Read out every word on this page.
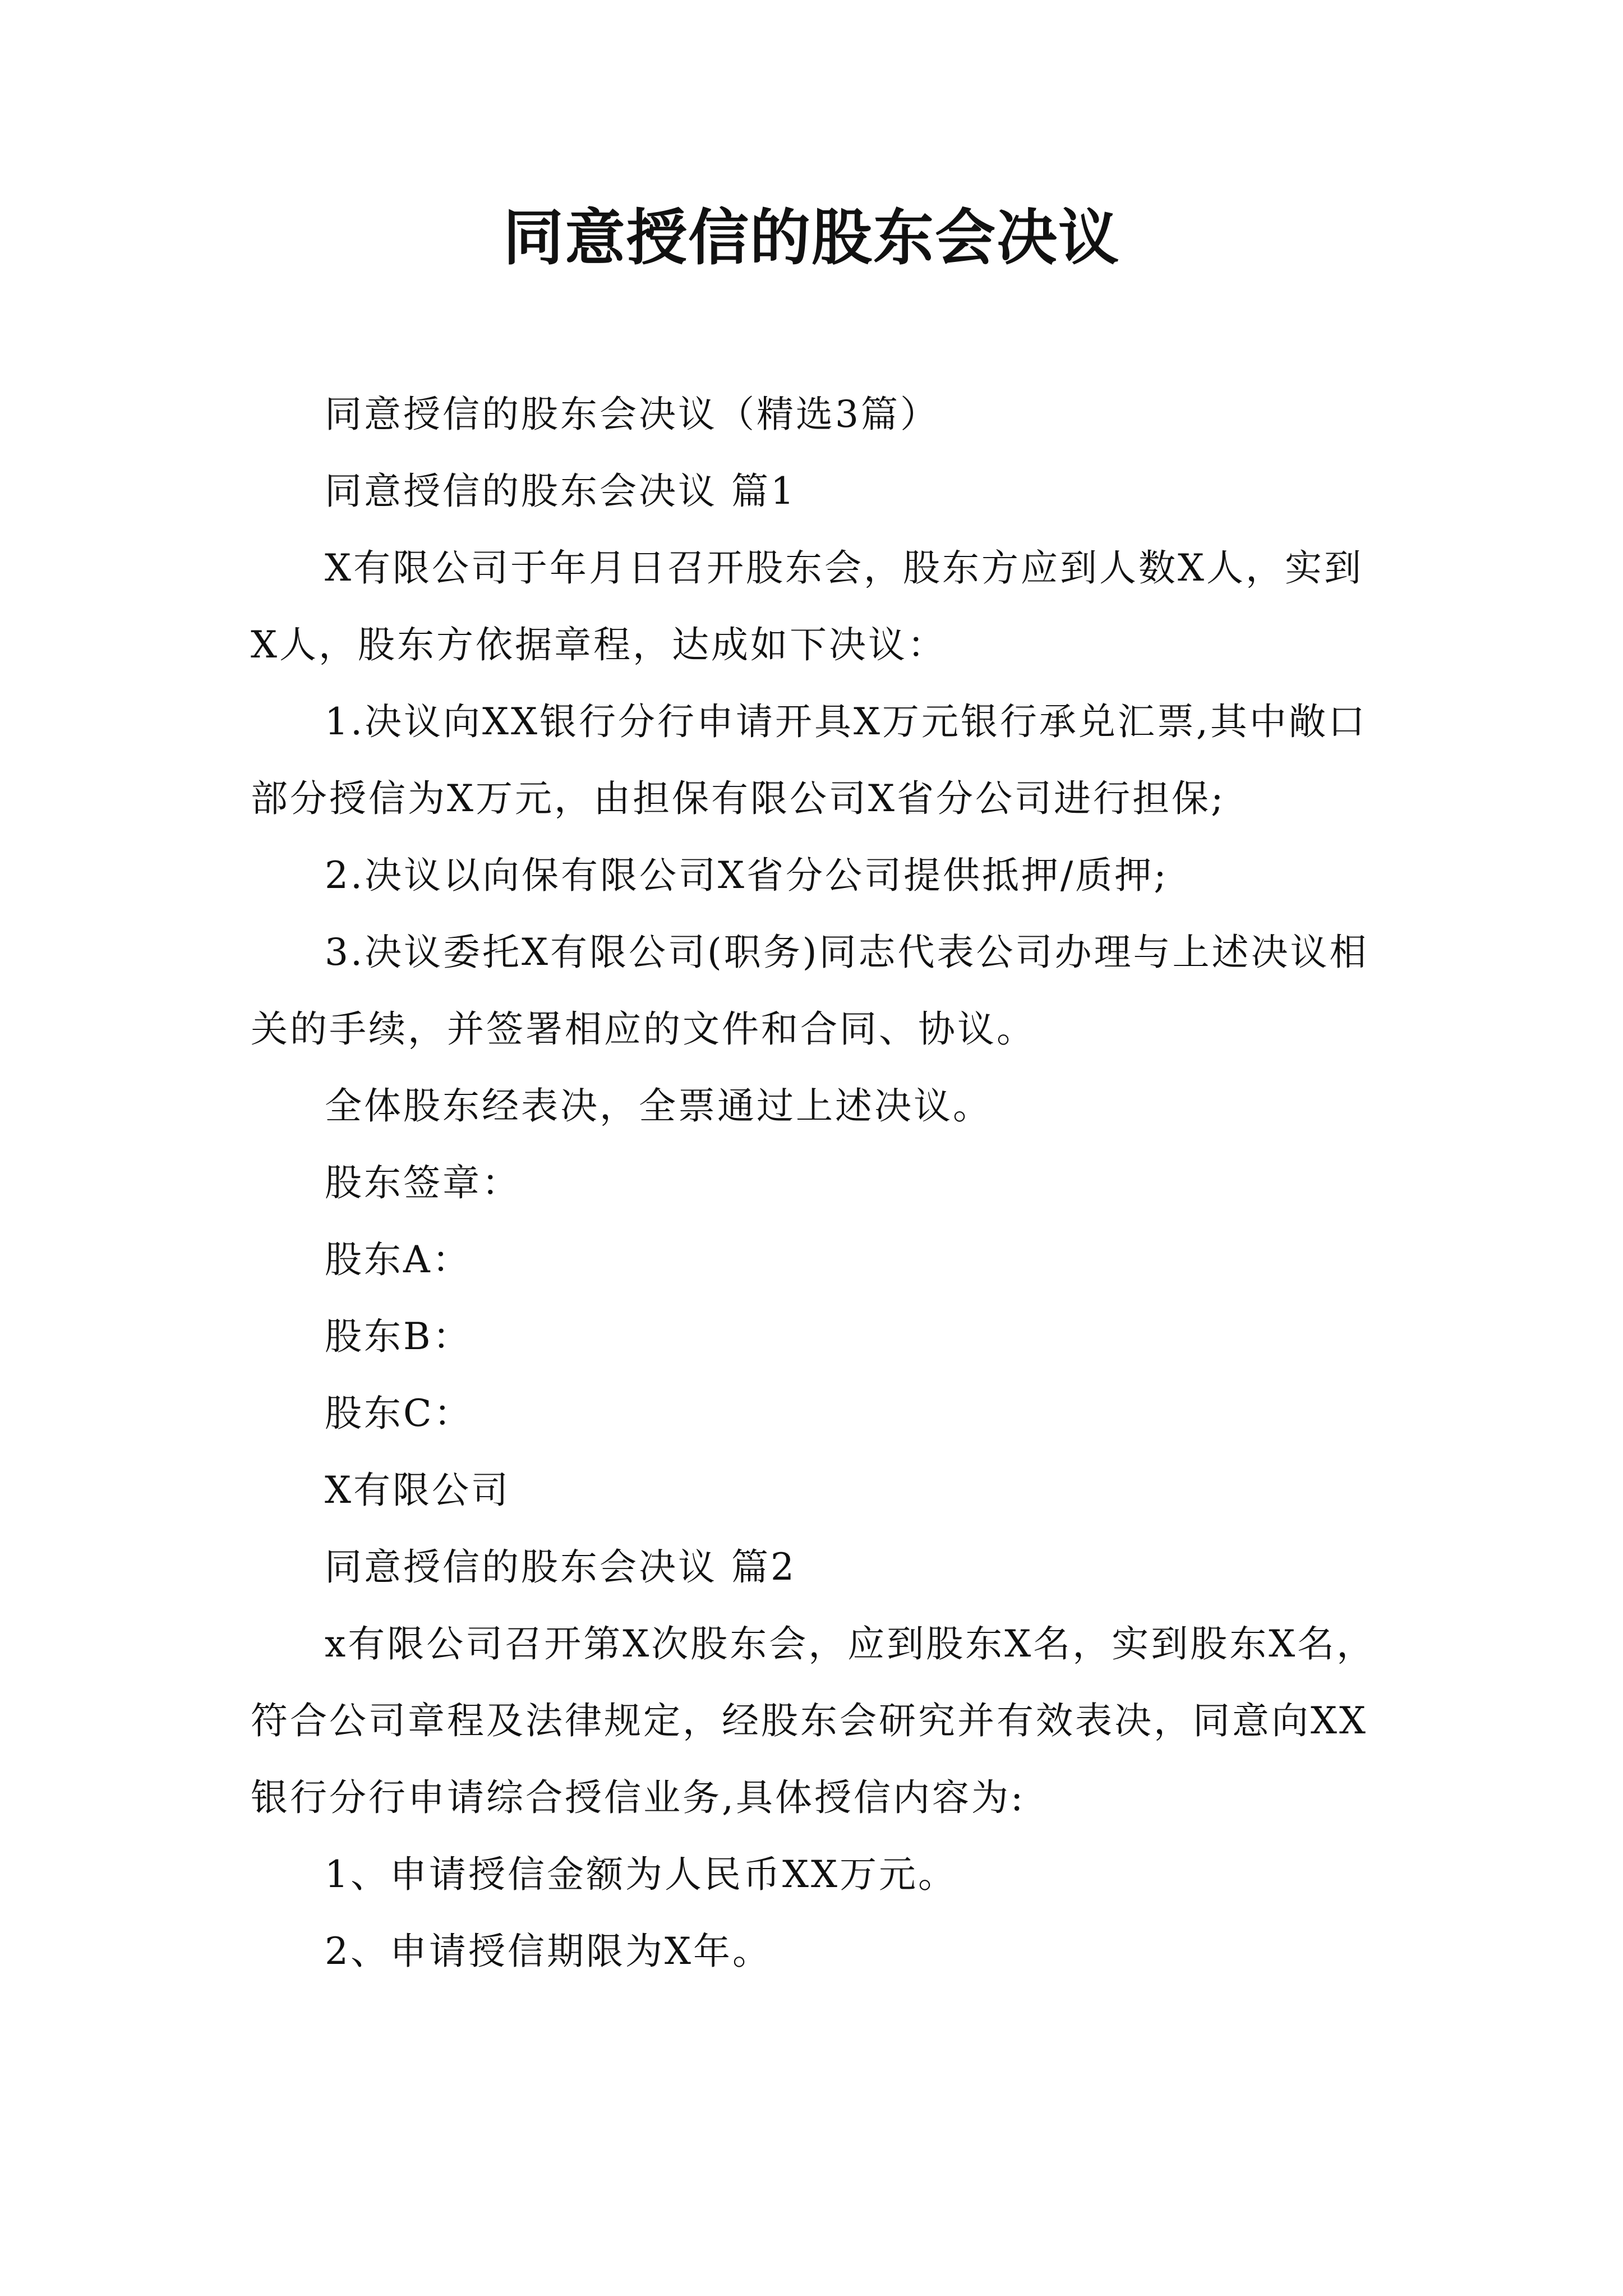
同意授信的股东会决议

同意授信的股东会决议（精选3篇）

同意授信的股东会决议 篇1

X有限公司于年月日召开股东会，股东方应到人数X人，实到X人，股东方依据章程，达成如下决议：

1.决议向XX银行分行申请开具X万元银行承兑汇票,其中敞口部分授信为X万元，由担保有限公司X省分公司进行担保;

2.决议以向保有限公司X省分公司提供抵押/质押;

3.决议委托X有限公司(职务)同志代表公司办理与上述决议相关的手续，并签署相应的文件和合同、协议。

全体股东经表决，全票通过上述决议。

股东签章：

股东A：

股东B：

股东C：

X有限公司

同意授信的股东会决议 篇2

x有限公司召开第X次股东会，应到股东X名，实到股东X名，符合公司章程及法律规定，经股东会研究并有效表决，同意向XX银行分行申请综合授信业务,具体授信内容为:

1、申请授信金额为人民币XX万元。

2、申请授信期限为X年。
